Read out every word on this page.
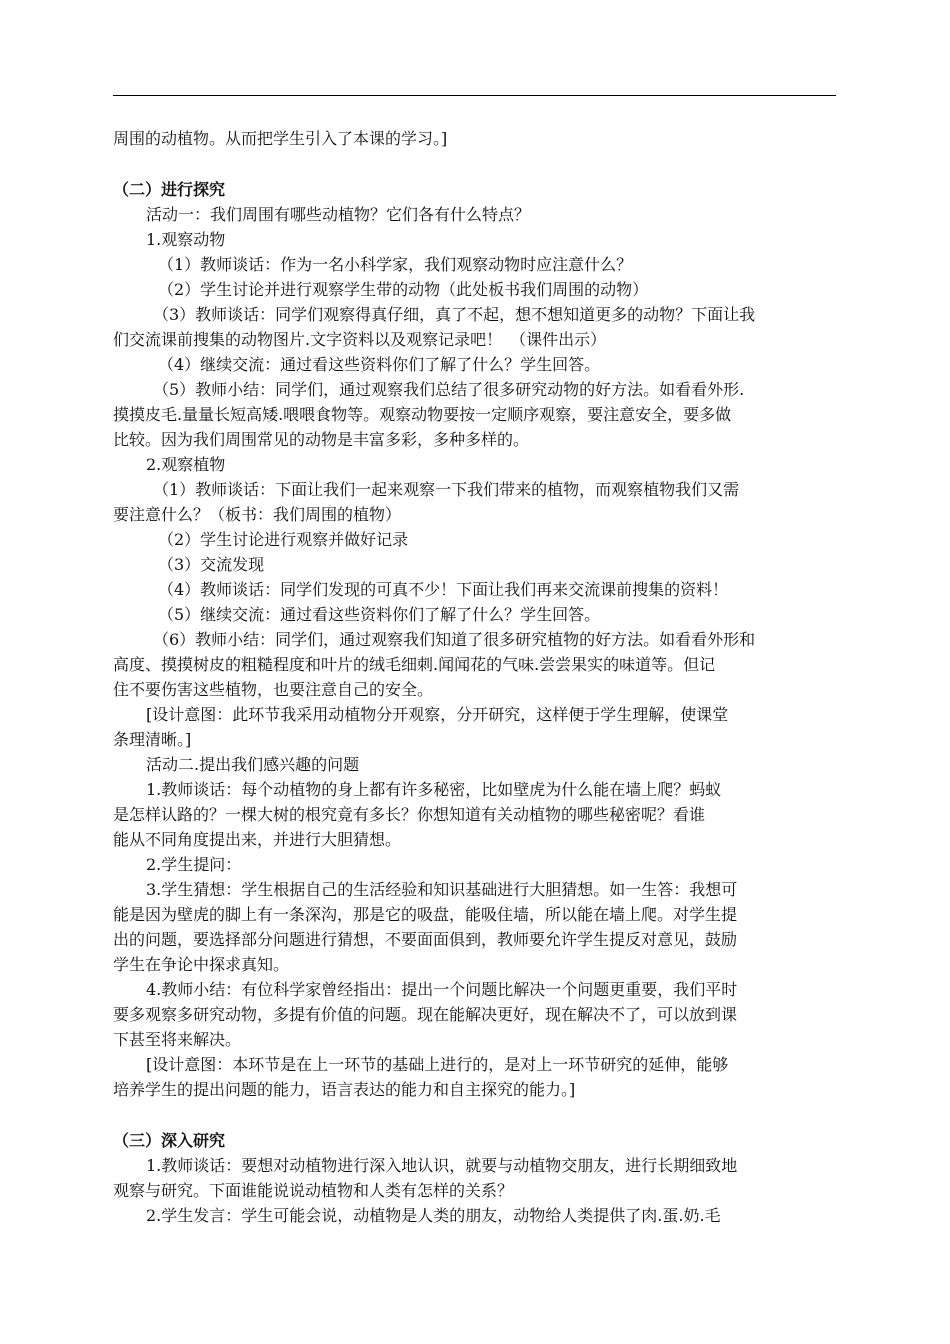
周围的动植物。从而把学生引入了本课的学习。]
（二）进行探究
活动一：我们周围有哪些动植物？它们各有什么特点？
1.观察动物
（1）教师谈话：作为一名小科学家，我们观察动物时应注意什么？
（2）学生讨论并进行观察学生带的动物（此处板书我们周围的动物）
（3）教师谈话：同学们观察得真仔细，真了不起，想不想知道更多的动物？下面让我
们交流课前搜集的动物图片.文字资料以及观察记录吧！　（课件出示）
（4）继续交流：通过看这些资料你们了解了什么？学生回答。
（5）教师小结：同学们，通过观察我们总结了很多研究动物的好方法。如看看外形.
摸摸皮毛.量量长短高矮.喂喂食物等。观察动物要按一定顺序观察，要注意安全，要多做
比较。因为我们周围常见的动物是丰富多彩，多种多样的。
2.观察植物
（1）教师谈话：下面让我们一起来观察一下我们带来的植物，而观察植物我们又需
要注意什么？（板书：我们周围的植物）
（2）学生讨论进行观察并做好记录
（3）交流发现
（4）教师谈话：同学们发现的可真不少！下面让我们再来交流课前搜集的资料！
（5）继续交流：通过看这些资料你们了解了什么？学生回答。
（6）教师小结：同学们，通过观察我们知道了很多研究植物的好方法。如看看外形和
高度、摸摸树皮的粗糙程度和叶片的绒毛细刺.闻闻花的气味.尝尝果实的味道等。但记
住不要伤害这些植物，也要注意自己的安全。
[设计意图：此环节我采用动植物分开观察，分开研究，这样便于学生理解，使课堂
条理清晰。]
活动二.提出我们感兴趣的问题
1.教师谈话：每个动植物的身上都有许多秘密，比如壁虎为什么能在墙上爬？蚂蚁
是怎样认路的？一棵大树的根究竟有多长？你想知道有关动植物的哪些秘密呢？看谁
能从不同角度提出来，并进行大胆猜想。
2.学生提问：
3.学生猜想：学生根据自己的生活经验和知识基础进行大胆猜想。如一生答：我想可
能是因为壁虎的脚上有一条深沟，那是它的吸盘，能吸住墙，所以能在墙上爬。对学生提
出的问题，要选择部分问题进行猜想，不要面面俱到，教师要允许学生提反对意见，鼓励
学生在争论中探求真知。
4.教师小结：有位科学家曾经指出：提出一个问题比解决一个问题更重要，我们平时
要多观察多研究动物，多提有价值的问题。现在能解决更好，现在解决不了，可以放到课
下甚至将来解决。
[设计意图：本环节是在上一环节的基础上进行的，是对上一环节研究的延伸，能够
培养学生的提出问题的能力，语言表达的能力和自主探究的能力。]
（三）深入研究
1.教师谈话：要想对动植物进行深入地认识，就要与动植物交朋友，进行长期细致地
观察与研究。下面谁能说说动植物和人类有怎样的关系？
2.学生发言：学生可能会说，动植物是人类的朋友，动物给人类提供了肉.蛋.奶.毛
